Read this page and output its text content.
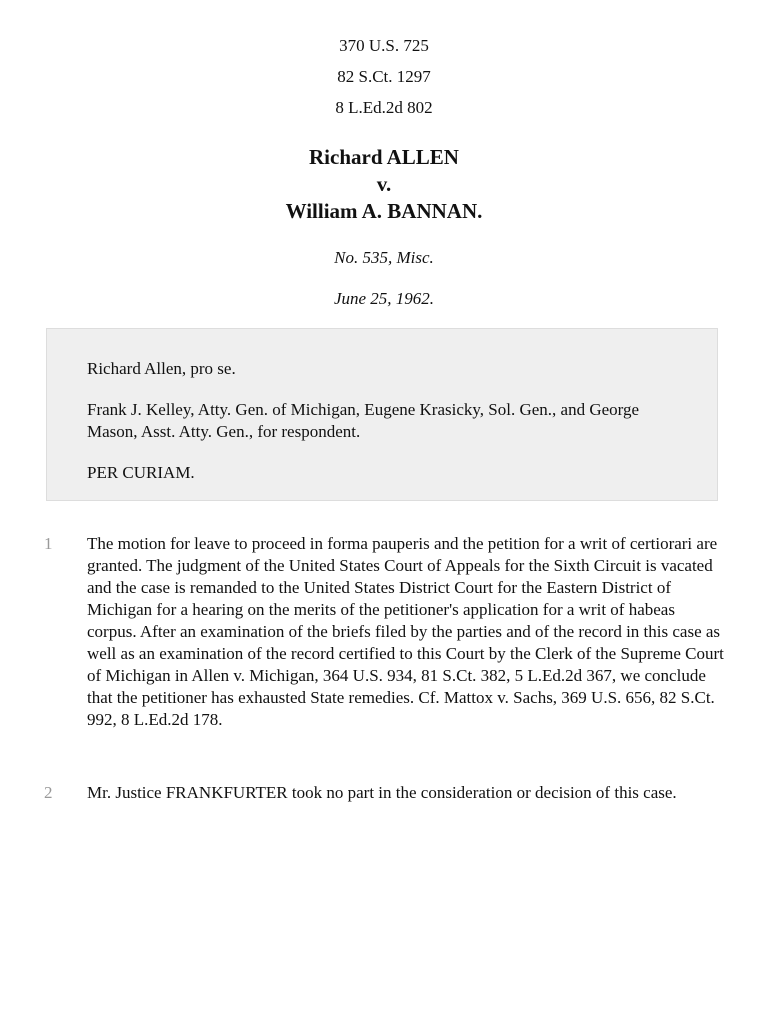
370 U.S. 725
82 S.Ct. 1297
8 L.Ed.2d 802
Richard ALLEN
v.
William A. BANNAN.
No. 535, Misc.
June 25, 1962.

Richard Allen, pro se.

Frank J. Kelley, Atty. Gen. of Michigan, Eugene Krasicky, Sol. Gen., and George Mason, Asst. Atty. Gen., for respondent.

PER CURIAM.

1 The motion for leave to proceed in forma pauperis and the petition for a writ of certiorari are granted. The judgment of the United States Court of Appeals for the Sixth Circuit is vacated and the case is remanded to the United States District Court for the Eastern District of Michigan for a hearing on the merits of the petitioner's application for a writ of habeas corpus. After an examination of the briefs filed by the parties and of the record in this case as well as an examination of the record certified to this Court by the Clerk of the Supreme Court of Michigan in Allen v. Michigan, 364 U.S. 934, 81 S.Ct. 382, 5 L.Ed.2d 367, we conclude that the petitioner has exhausted State remedies. Cf. Mattox v. Sachs, 369 U.S. 656, 82 S.Ct. 992, 8 L.Ed.2d 178.

2 Mr. Justice FRANKFURTER took no part in the consideration or decision of this case.
